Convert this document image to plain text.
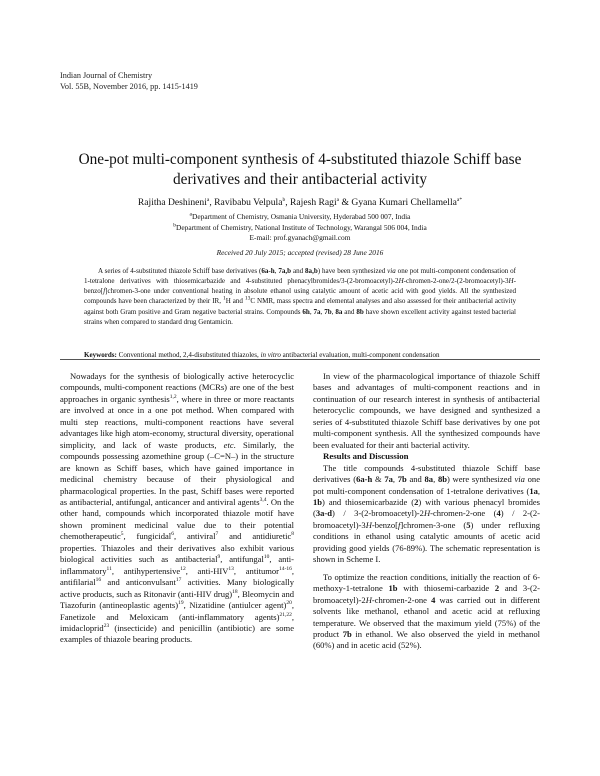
Indian Journal of Chemistry
Vol. 55B, November 2016, pp. 1415-1419
One-pot multi-component synthesis of 4-substituted thiazole Schiff base
derivatives and their antibacterial activity
Rajitha Deshineni$^a$, Ravibabu Velpula$^b$, Rajesh Ragi$^a$ & Gyana Kumari Chellamella$^{a*}$
$^a$Department of Chemistry, Osmania University, Hyderabad 500 007, India
$^b$Department of Chemistry, National Institute of Technology, Warangal 506 004, India
E-mail: prof.gyanach@gmail.com
Received 20 July 2015; accepted (revised) 28 June 2016
A series of 4-substituted thiazole Schiff base derivatives (6a-h, 7a,b and 8a,b) have been synthesized via one pot multi-component condensation of 1-tetralone derivatives with thiosemicarbazide and 4-substituted phenacylbromides/3-(2-bromoacetyl)-2H-chromen-2-one/2-(2-bromoacetyl)-3H-benzo[f]chromen-3-one under conventional heating in absolute ethanol using catalytic amount of acetic acid with good yields. All the synthesized compounds have been characterized by their IR, $^1$H and $^{13}$C NMR, mass spectra and elemental analyses and also assessed for their antibacterial activity against both Gram positive and Gram negative bacterial strains. Compounds 6h, 7a, 7b, 8a and 8b have shown excellent activity against tested bacterial strains when compared to standard drug Gentamicin.
Keywords: Conventional method, 2,4-disubstituted thiazoles, in vitro antibacterial evaluation, multi-component condensation

Nowadays for the synthesis of biologically active heterocyclic compounds, multi-component reactions (MCRs) are one of the best approaches in organic synthesis$^{1,2}$, where in three or more reactants are involved at once in a one pot method. When compared with multi step reactions, multi-component reactions have several advantages like high atom-economy, structural diversity, operational simplicity, and lack of waste products, etc. Similarly, the compounds possessing azomethine group (–C=N–) in the structure are known as Schiff bases, which have gained importance in medicinal chemistry because of their physiological and pharmacological properties. In the past, Schiff bases were reported as antibacterial, antifungal, anticancer and antiviral agents$^{3,4}$. On the other hand, compounds which incorporated thiazole motif have shown prominent medicinal value due to their potential chemotherapeutic$^5$, fungicidal$^6$, antiviral$^7$ and antidiuretic$^8$ properties. Thiazoles and their derivatives also exhibit various biological activities such as antibacterial$^9$, antifungal$^{10}$, anti-inflammatory$^{11}$, antihypertensive$^{12}$, anti-HIV$^{13}$, antitumor$^{14-16}$, antifilarial$^{16}$ and anticonvulsant$^{17}$ activities. Many biologically active products, such as Ritonavir (anti-HIV drug)$^{18}$, Bleomycin and Tiazofurin (antineoplastic agents)$^{19}$, Nizatidine (antiulcer agent)$^{20}$, Fanetizole and Meloxicam (anti-inflammatory agents)$^{21,22}$, imidacloprid$^{23}$ (insecticide) and penicillin (antibiotic) are some examples of thiazole bearing products.

In view of the pharmacological importance of thiazole Schiff bases and advantages of multi-component reactions and in continuation of our research interest in synthesis of antibacterial heterocyclic compounds, we have designed and synthesized a series of 4-substituted thiazole Schiff base derivatives by one pot multi-component synthesis. All the synthesized compounds have been evaluated for their anti bacterial activity.

Results and Discussion

The title compounds 4-substituted thiazole Schiff base derivatives (6a-h & 7a, 7b and 8a, 8b) were synthesized via one pot multi-component condensation of 1-tetralone derivatives (1a, 1b) and thiosemicarbazide (2) with various phenacyl bromides (3a-d) / 3-(2-bromoacetyl)-2H-chromen-2-one (4) / 2-(2-bromoacetyl)-3H-benzo[f]chromen-3-one (5) under refluxing conditions in ethanol using catalytic amounts of acetic acid providing good yields (76-89%). The schematic representation is shown in Scheme I.

To optimize the reaction conditions, initially the reaction of 6-methoxy-1-tetralone 1b with thiosemi-carbazide 2 and 3-(2-bromoacetyl)-2H-chromen-2-one 4 was carried out in different solvents like methanol, ethanol and acetic acid at refluxing temperature. We observed that the maximum yield (75%) of the product 7b in ethanol. We also observed the yield in methanol (60%) and in acetic acid (52%).
